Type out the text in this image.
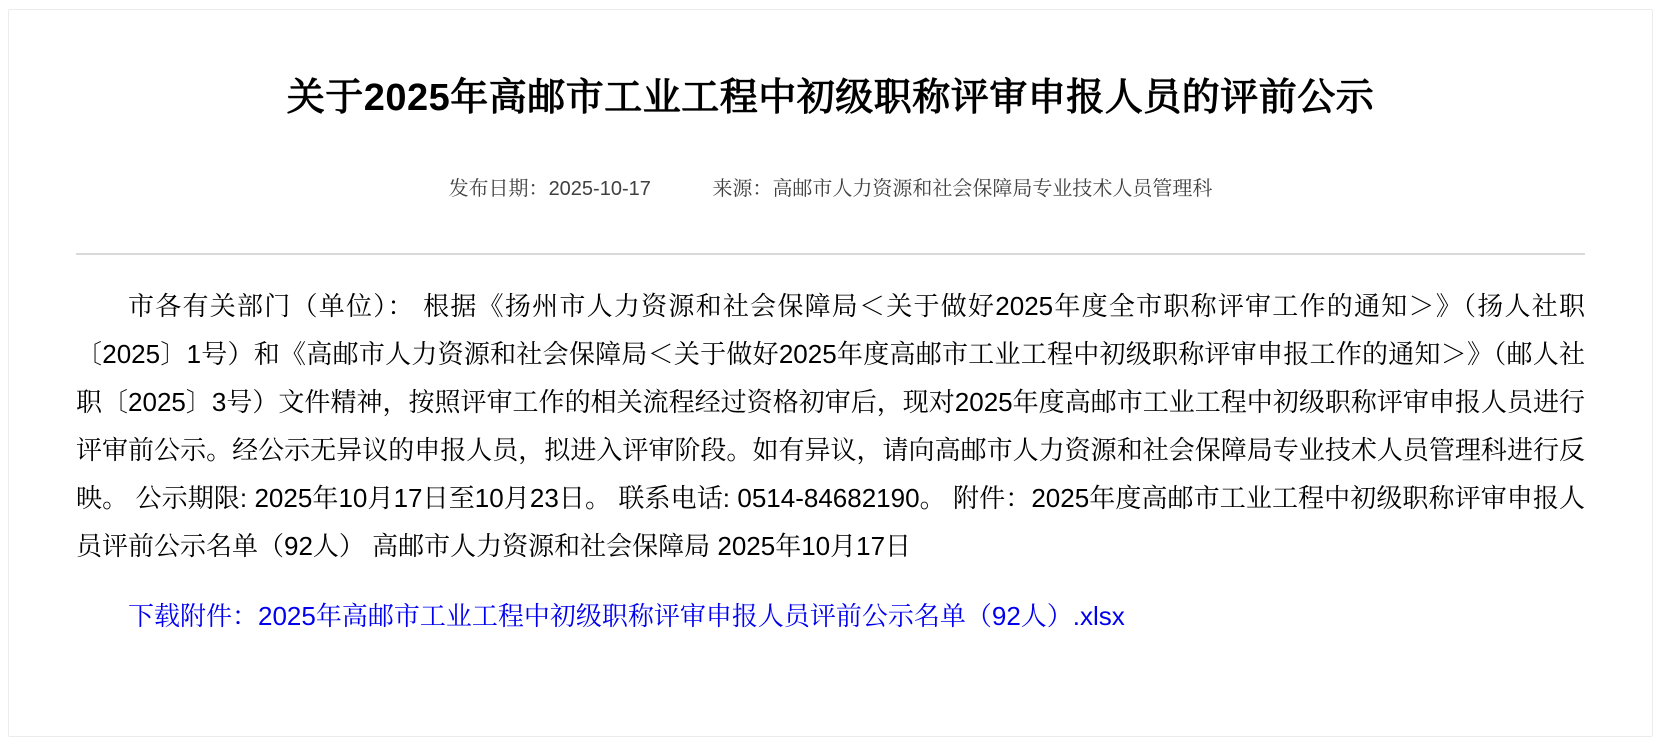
关于2025年高邮市工业工程中初级职称评审申报人员的评前公示
发布日期：2025-10-17	来源：高邮市人力资源和社会保障局专业技术人员管理科

市各有关部门（单位）： 根据《扬州市人力资源和社会保障局＜关于做好2025年度全市职称评审工作的通知＞》（扬人社职〔2025〕1号）和《高邮市人力资源和社会保障局＜关于做好2025年度高邮市工业工程中初级职称评审申报工作的通知＞》（邮人社职〔2025〕3号）文件精神，按照评审工作的相关流程经过资格初审后，现对2025年度高邮市工业工程中初级职称评审申报人员进行评审前公示。经公示无异议的申报人员，拟进入评审阶段。如有异议，请向高邮市人力资源和社会保障局专业技术人员管理科进行反映。 公示期限: 2025年10月17日至10月23日。 联系电话: 0514-84682190。 附件：2025年度高邮市工业工程中初级职称评审申报人员评前公示名单（92人） 高邮市人力资源和社会保障局 2025年10月17日

下载附件：2025年高邮市工业工程中初级职称评审申报人员评前公示名单（92人）.xlsx
